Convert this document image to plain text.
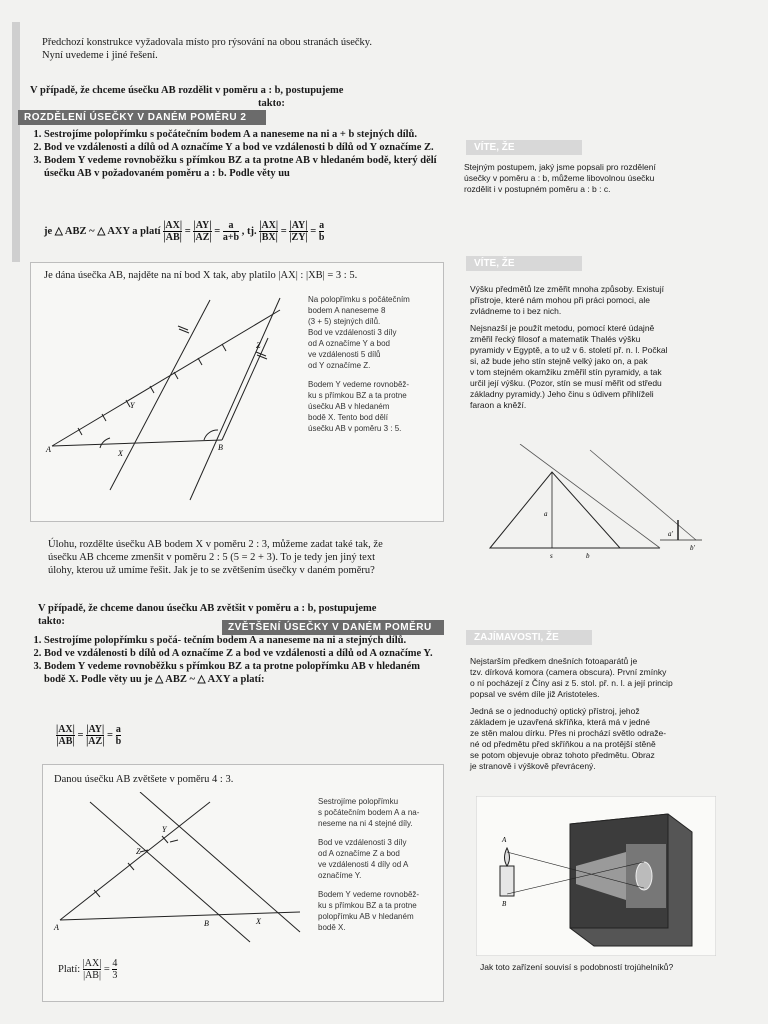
Předchozí konstrukce vyžadovala místo pro rýsování na obou stranách úsečky.

Nyní uvedeme i jiné řešení.

V případě, že chceme úsečku AB rozdělit v poměru a : b, postupujeme
takto:
ROZDĚLENÍ ÚSEČKY V DANÉM POMĚRU 2
1. Sestrojíme polopřímku s počátečním bodem A a naneseme na ni a + b stejných dílů.
2. Bod ve vzdálenosti a dílů od A označíme Y a bod ve vzdálenosti b dílů od Y označíme Z.
3. Bodem Y vedeme rovnoběžku s přímkou BZ a ta protne AB v hledaném bodě, který dělí úsečku AB v požadovaném poměru a : b. Podle věty uu
je △ ABZ ~ △ AXY a platí $\frac{|AX|}{|AB|} = \frac{|AY|}{|AZ|} = \frac{a}{a+b}$ , tj. $\frac{|AX|}{|BX|} = \frac{|AY|}{|ZY|} = \frac{a}{b}$
Je dána úsečka AB, najděte na ní bod X tak, aby platilo |AX| : |XB| = 3 : 5.
A	B
X
Y
Z
Na polopřímku s počátečním
bodem A naneseme 8
(3 + 5) stejných dílů.
Bod ve vzdálenosti 3 díly
od A označíme Y a bod
ve vzdálenosti 5 dílů
od Y označíme Z.
Bodem Y vedeme rovnoběž-
ku s přímkou BZ a ta protne
úsečku AB v hledaném
bodě X. Tento bod dělí
úsečku AB v poměru 3 : 5.

Úlohu, rozdělte úsečku AB bodem X v poměru 2 : 3, můžeme zadat také tak, že

úsečku AB chceme zmenšit v poměru 2 : 5 (5 = 2 + 3). To je tedy jen jiný text

úlohy, kterou už umíme řešit. Jak je to se zvětšením úsečky v daném poměru?

V případě, že chceme danou úsečku AB zvětšit v poměru a : b, postupujeme
takto:
ZVĚTŠENÍ ÚSEČKY V DANÉM POMĚRU
1. Sestrojíme polopřímku s počá- tečním bodem A a naneseme na ni a stejných dílů.
2. Bod ve vzdálenosti b dílů od A označíme Z a bod ve vzdálenosti a dílů od A označíme Y.
3. Bodem Y vedeme rovnoběžku s přímkou BZ a ta protne polopřímku AB v hledaném bodě X. Podle věty uu je △ ABZ ~ △ AXY a platí:
$\frac{|AX|}{|AB|} = \frac{|AY|}{|AZ|} = \frac{a}{b}$
Danou úsečku AB zvětšete v poměru 4 : 3.
A	B	X
Y
Z
Sestrojíme polopřímku
s počátečním bodem A a na-
neseme na ni 4 stejné díly.
Bod ve vzdálenosti 3 díly
od A označíme Z a bod
ve vzdálenosti 4 díly od A
označíme Y.
Bodem Y vedeme rovnoběž-
ku s přímkou BZ a ta protne
polopřímku AB v hledaném
bodě X.
Platí: $\frac{|AX|}{|AB|} = \frac{4}{3}$
VÍTE, ŽE
Stejným postupem, jaký jsme popsali pro rozdělení
úsečky v poměru a : b, můžeme libovolnou úsečku
rozdělit i v postupném poměru a : b : c.
VÍTE, ŽE
Výšku předmětů lze změřit mnoha způsoby. Existují
přístroje, které nám mohou při práci pomoci, ale
zvládneme to i bez nich.
Nejsnazší je použít metodu, pomocí které údajně
změřil řecký filosof a matematik Thalés výšku
pyramidy v Egyptě, a to už v 6. století př. n. l. Počkal
si, až bude jeho stín stejně velký jako on, a pak
v tom stejném okamžiku změřil stín pyramidy, a tak
určil její výšku. (Pozor, stín se musí měřit od středu
základny pyramidy.) Jeho činu s údivem přihlíželi
faraon a kněží.
a
s	b
a'
b'
ZAJÍMAVOSTI, ŽE
Nejstarším předkem dnešních fotoaparátů je
tzv. dírková komora (camera obscura). První zmínky
o ní pocházejí z Číny asi z 5. stol. př. n. l. a její princip
popsal ve svém díle již Aristoteles.
Jedná se o jednoduchý optický přístroj, jehož
základem je uzavřená skříňka, která má v jedné
ze stěn malou dírku. Přes ni prochází světlo odraže-
né od předmětu před skříňkou a na protější stěně
se potom objevuje obraz tohoto předmětu. Obraz
je stranově i výškově převrácený.
A
B
Jak toto zařízení souvisí s podobností trojúhelníků?
